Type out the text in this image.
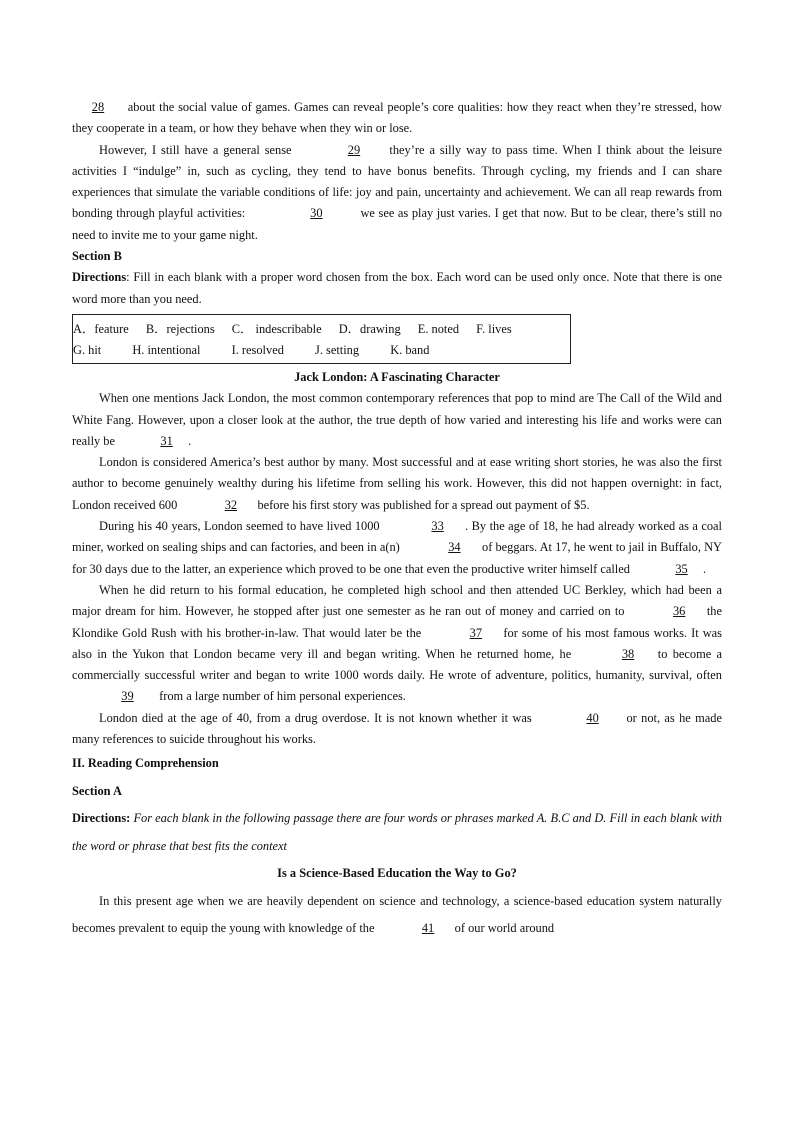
28 about the social value of games. Games can reveal people’s core qualities: how they react when they’re stressed, how they cooperate in a team, or how they behave when they win or lose.

However, I still have a general sense	29 they’re a silly way to pass time. When I think about the leisure activities I “indulge” in, such as cycling, they tend to have bonus benefits. Through cycling, my friends and I can share experiences that simulate the variable conditions of life: joy and pain, uncertainty and achievement. We can all reap rewards from bonding through playful activities:	30	we see as play just varies. I get that now. But to be clear, there’s still no need to invite me to your game night.

Section B

Directions: Fill in each blank with a proper word chosen from the box. Each word can be used only once. Note that there is one word more than you need.

A．feature B．rejections C． indescribable D．drawing E. noted F. lives

G. hit	H. intentional	I. resolved	J. setting	K. band

Jack London: A Fascinating Character

When one mentions Jack London, the most common contemporary references that pop to mind are The Call of the Wild and White Fang. However, upon a closer look at the author, the true depth of how varied and interesting his life and works were can really be	31 .

London is considered America’s best author by many. Most successful and at ease writing short stories, he was also the first author to become genuinely wealthy during his lifetime from selling his work. However, this did not happen overnight: in fact, London received 600	32 before his first story was published for a spread out payment of $5.

During his 40 years, London seemed to have lived 1000	33 . By the age of 18, he had already worked as a coal miner, worked on sealing ships and can factories, and been in a(n)	34 of beggars. At 17, he went to jail in Buffalo, NY for 30 days due to the latter, an experience which proved to be one that even the productive writer himself called	35 .

When he did return to his formal education, he completed high school and then attended UC Berkley, which had been a major dream for him. However, he stopped after just one semester as he ran out of money and carried on to	36 the Klondike Gold Rush with his brother-in-law. That would later be the	37 for some of his most famous works. It was also in the Yukon that London became very ill and began writing. When he returned home, he	38 to become a commercially successful writer and began to write 1000 words daily. He wrote of adventure, politics, humanity, survival, often 39 from a large number of him personal experiences.

London died at the age of 40, from a drug overdose. It is not known whether it was	40 or not, as he made many references to suicide throughout his works.

II. Reading Comprehension

Section A

Directions: For each blank in the following passage there are four words or phrases marked A. B.C and D. Fill in each blank with the word or phrase that best fits the context

Is a Science-Based Education the Way to Go?

In this present age when we are heavily dependent on science and technology, a science-based education system naturally becomes prevalent to equip the young with knowledge of the	41 of our world around
